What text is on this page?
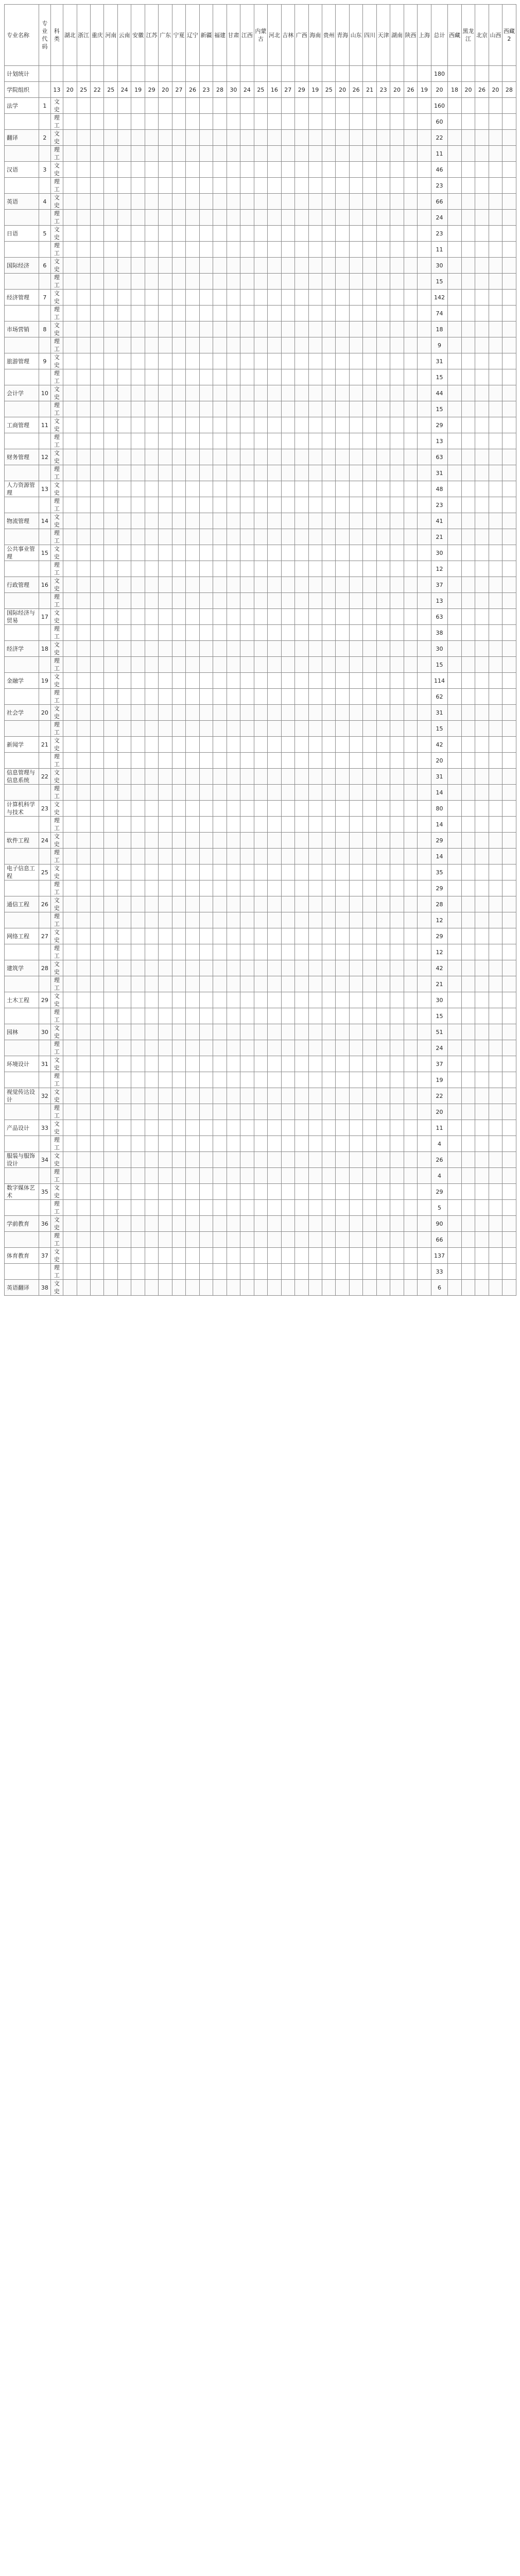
专业名称	专业代码	科类	湖北	浙江	重庆	河南	云南	安徽	江苏	广东	宁夏	辽宁	新疆	福建	甘肃	江西	内蒙古	河北	吉林	广西	海南	贵州	青海	山东	四川	天津	湖南	陕西	上海	总计	西藏	黑龙江	北京	山西	西藏2
计划统计																														180					
学院组织		13	20	25	22	25	24	19	29	20	27	26	23	28	30	24	25	16	27	29	19	25	20	26	21	23	20	26	19	20	18	20	26	20	28
法学	1	文史																												160					
		理工																												60					
翻译	2	文史																												22					
		理工																												11					
汉语	3	文史																												46					
		理工																												23					
英语	4	文史																												66					
		理工																												24					
日语	5	文史																												23					
		理工																												11					
国际经济	6	文史																												30					
		理工																												15					
经济管理	7	文史																												142					
		理工																												74					
市场营销	8	文史																												18					
		理工																												9					
旅游管理	9	文史																												31					
		理工																												15					
会计学	10	文史																												44					
		理工																												15					
工商管理	11	文史																												29					
		理工																												13					
财务管理	12	文史																												63					
		理工																												31					
人力资源管理	13	文史																												48					
		理工																												23					
物流管理	14	文史																												41					
		理工																												21					
公共事业管理	15	文史																												30					
		理工																												12					
行政管理	16	文史																												37					
		理工																												13					
国际经济与贸易	17	文史																												63					
		理工																												38					
经济学	18	文史																												30					
		理工																												15					
金融学	19	文史																												114					
		理工																												62					
社会学	20	文史																												31					
		理工																												15					
新闻学	21	文史																												42					
		理工																												20					
信息管理与信息系统	22	文史																												31					
		理工																												14					
计算机科学与技术	23	文史																												80					
		理工																												14					
软件工程	24	文史																												29					
		理工																												14					
电子信息工程	25	文史																												35					
		理工																												29					
通信工程	26	文史																												28					
		理工																												12					
网络工程	27	文史																												29					
		理工																												12					
建筑学	28	文史																												42					
		理工																												21					
土木工程	29	文史																												30					
		理工																												15					
园林	30	文史																												51					
		理工																												24					
环境设计	31	文史																												37					
		理工																												19					
视觉传达设计	32	文史																												22					
		理工																												20					
产品设计	33	文史																												11					
		理工																												4					
服装与服饰设计	34	文史																												26					
		理工																												4					
数字媒体艺术	35	文史																												29					
		理工																												5					
学前教育	36	文史																												90					
		理工																												66					
体育教育	37	文史																												137					
		理工																												33					
英语翻译	38	文史																												6					
